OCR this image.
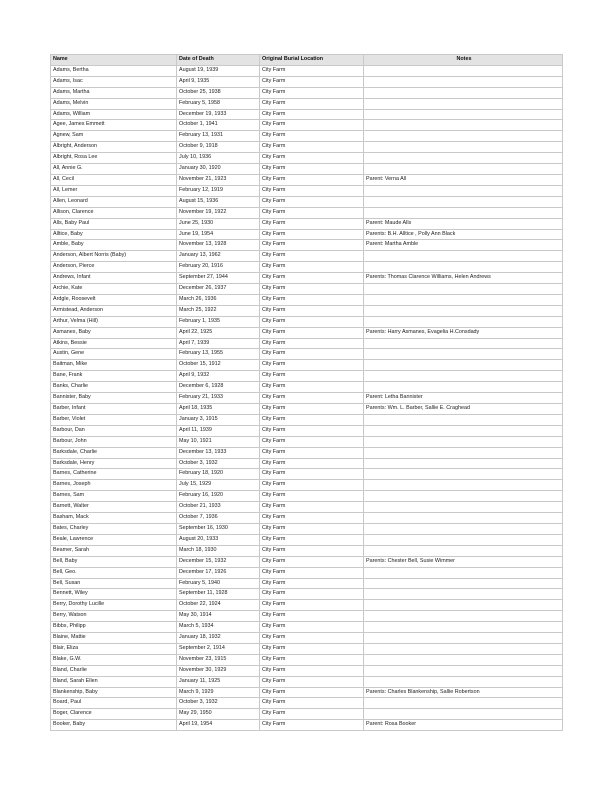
Name	Date of Death	Original Burial Location	Notes
Adams, Bertha	August 19, 1939	City Farm	
Adams, Isac	April 9, 1935	City Farm	
Adams, Martha	October 25, 1938	City Farm	
Adams, Melvin	February 5, 1958	City Farm	
Adams, William	December 19, 1933	City Farm	
Agee, James Emmett	October 1, 1941	City Farm	
Agnew, Sam	February 13, 1931	City Farm	
Albright, Anderson	October 9, 1918	City Farm	
Albright, Rosa Lee	July 10, 1936	City Farm	
All, Annie G.	January 30, 1920	City Farm	
All, Cecil	November 21, 1923	City Farm	Parent: Verna All
All, Lemer	February 12, 1919	City Farm	
Allen, Leonard	August 15, 1936	City Farm	
Allison, Clarence	November 19, 1922	City Farm	
Alls, Baby Paul	June 25, 1930	City Farm	Parent: Maude Alls
Alltice, Baby	June 19, 1954	City Farm	Parents: B.H. Alltice , Polly Ann Black
Amble, Baby	November 13, 1928	City Farm	Parent: Martha Amble
Anderson, Albert Norris (Baby)	January 13, 1962	City Farm	
Anderson, Pierce	February 20, 1916	City Farm	
Andrews, Infant	September 27, 1944	City Farm	Parents: Thomas Clarence Williams, Helen Andrews
Archie, Kate	December 26, 1937	City Farm	
Ardgle, Roosevelt	March 26, 1936	City Farm	
Armistead, Anderson	March 25, 1922	City Farm	
Arthur, Velma (Hill)	February 1, 1935	City Farm	
Asmanes, Baby	April 22, 1925	City Farm	Parents: Harry Asmanes, Evagelia H.Consdady
Atkins, Bessie	April 7, 1939	City Farm	
Austin, Gene	February 13, 1955	City Farm	
Baitman, Mike	October 15, 1912	City Farm	
Bane, Frank	April 9, 1932	City Farm	
Banks, Charlie	December 6, 1928	City Farm	
Bannister, Baby	February 21, 1933	City Farm	Parent: Letha Bannister
Barber, Infant	April 18, 1935	City Farm	Parents: Wm. L. Barber, Sallie E. Craghead
Barber, Violet	January 3, 1915	City Farm	
Barbour, Dan	April 11, 1939	City Farm	
Barbour, John	May 10, 1921	City Farm	
Barksdale, Charlie	December 13, 1933	City Farm	
Barksdale, Henry	October 3, 1932	City Farm	
Barnes, Catherine	February 18, 1920	City Farm	
Barnes, Joseph	July 15, 1929	City Farm	
Barnes, Sam	February 16, 1920	City Farm	
Barnett, Walter	October 21, 1933	City Farm	
Basham, Mack	October 7, 1936	City Farm	
Bates, Charley	September 16, 1930	City Farm	
Beale, Lawrence	August 20, 1933	City Farm	
Beamer, Sarah	March 18, 1930	City Farm	
Bell, Baby	December 15, 1932	City Farm	Parents: Chester Bell, Susie Wimmer
Bell, Geo.	December 17, 1926	City Farm	
Bell, Susan	February 5, 1940	City Farm	
Bennett, Wiley	September 11, 1928	City Farm	
Berry, Dorothy Lucille	October 22, 1924	City Farm	
Berry, Watson	May 30, 1914	City Farm	
Bibbs, Philipp	March 5, 1934	City Farm	
Blaine, Mattie	January 18, 1932	City Farm	
Blair, Eliza	September 2, 1914	City Farm	
Blake, G.W.	November 23, 1915	City Farm	
Bland, Charlie	November 30, 1929	City Farm	
Bland, Sarah Ellen	January 11, 1925	City Farm	
Blankenship, Baby	March 9, 1929	City Farm	Parents: Charles Blankenship, Sallie Robertson
Board, Paul	October 3, 1932	City Farm	
Boger, Clarence	May 29, 1950	City Farm	
Booker, Baby	April 19, 1954	City Farm	Parent: Rosa Booker
